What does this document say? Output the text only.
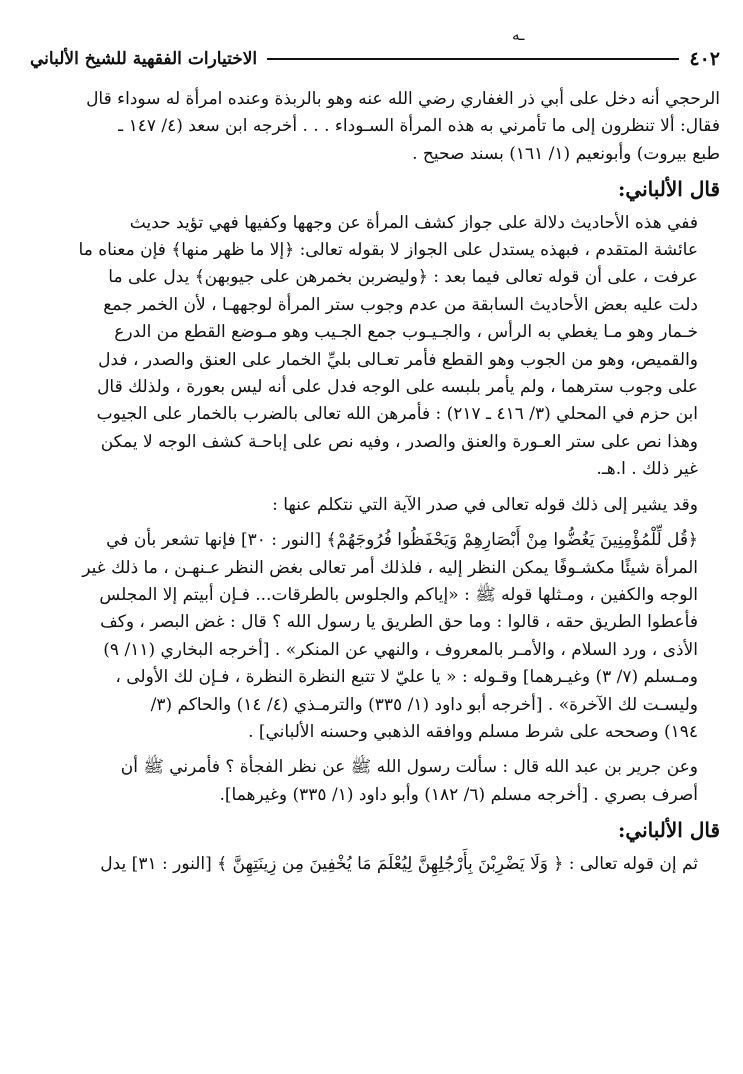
ـه
الاختيارات الفقهية للشيخ الألباني	٤٠٢

الرحجي أنه دخل على أبي ذر الغفاري رضي الله عنه وهو بالربذة وعنده امرأة له سوداء قال
فقال: ألا تنظرون إلى ما تأمرني به هذه المرأة السـوداء . . . أخرجه ابن سعد (٤/ ١٤٧ ـ
طبع بيروت) وأبونعيم (١/ ١٦١) بسند صحيح .

قال الألباني:

ففي هذه الأحاديث دلالة على جواز كشف المرأة عن وجهها وكفيها فهي تؤيد حديث
عائشة المتقدم ، فبهذه يستدل على الجواز لا بقوله تعالى: ﴿إلا ما ظهر منها﴾ فإن معناه ما
عرفت ، على أن قوله تعالى فيما بعد : ﴿وليضربن بخمرهن على جيوبهن﴾ يدل على ما
دلت عليه بعض الأحاديث السابقة من عدم وجوب ستر المرأة لوجههـا ، لأن الخمر جمع
خـمار وهو مـا يغطي به الرأس ، والجـيـوب جمع الجـيب وهو مـوضع القطع من الدرع
والقميص، وهو من الجوب وهو القطع فأمر تعـالى بليِّ الخمار على العنق والصدر ، فدل
على وجوب سترهما ، ولم يأمر بلبسه على الوجه فدل على أنه ليس بعورة ، ولذلك قال
ابن حزم في المحلي (٣/ ٤١٦ ـ ٢١٧) : فأمرهن الله تعالى بالضرب بالخمار على الجيوب
وهذا نص على ستر العـورة والعنق والصدر ، وفيه نص على إباحـة كشف الوجه لا يمكن
غير ذلك . ا.هـ.

وقد يشير إلى ذلك قوله تعالى في صدر الآية التي نتكلم عنها :

﴿قُل لِّلْمُؤْمِنِينَ يَغُضُّوا مِنْ أَبْصَارِهِمْ وَيَحْفَظُوا فُرُوجَهُمْ﴾ [النور : ٣٠] فإنها تشعر بأن في
المرأة شيئًا مكشـوفًا يمكن النظر إليه ، فلذلك أمر تعالى بغض النظر عـنهـن ، ما ذلك غير
الوجه والكفين ، ومـثلها قوله ﷺ : «إياكم والجلوس بالطرقات... فـإن أبيتم إلا المجلس
فأعطوا الطريق حقه ، قالوا : وما حق الطريق يا رسول الله ؟ قال : غض البصر ، وكف
الأذى ، ورد السلام ، والأمـر بالمعروف ، والنهي عن المنكر» . [أخرجه البخاري (١١/ ٩)
ومـسلم (٧/ ٣) وغيـرهما] وقـوله : « يا عليّ لا تتبع النظرة النظرة ، فـإن لك الأولى ،
وليسـت لك الآخرة» . [أخرجه أبو داود (١/ ٣٣٥) والترمـذي (٤/ ١٤) والحاكم (٣/
١٩٤) وصححه على شرط مسلم ووافقه الذهبي وحسنه الألباني] .

وعن جرير بن عبد الله قال : سألت رسول الله ﷺ عن نظر الفجأة ؟ فأمرني ﷺ أن
أصرف بصري . [أخرجه مسلم (٦/ ١٨٢) وأبو داود (١/ ٣٣٥) وغيرهما].

قال الألباني:

ثم إن قوله تعالى : ﴿ وَلَا يَضْرِبْنَ بِأَرْجُلِهِنَّ لِيُعْلَمَ مَا يُخْفِينَ مِن زِينَتِهِنَّ ﴾ [النور : ٣١] يدل
